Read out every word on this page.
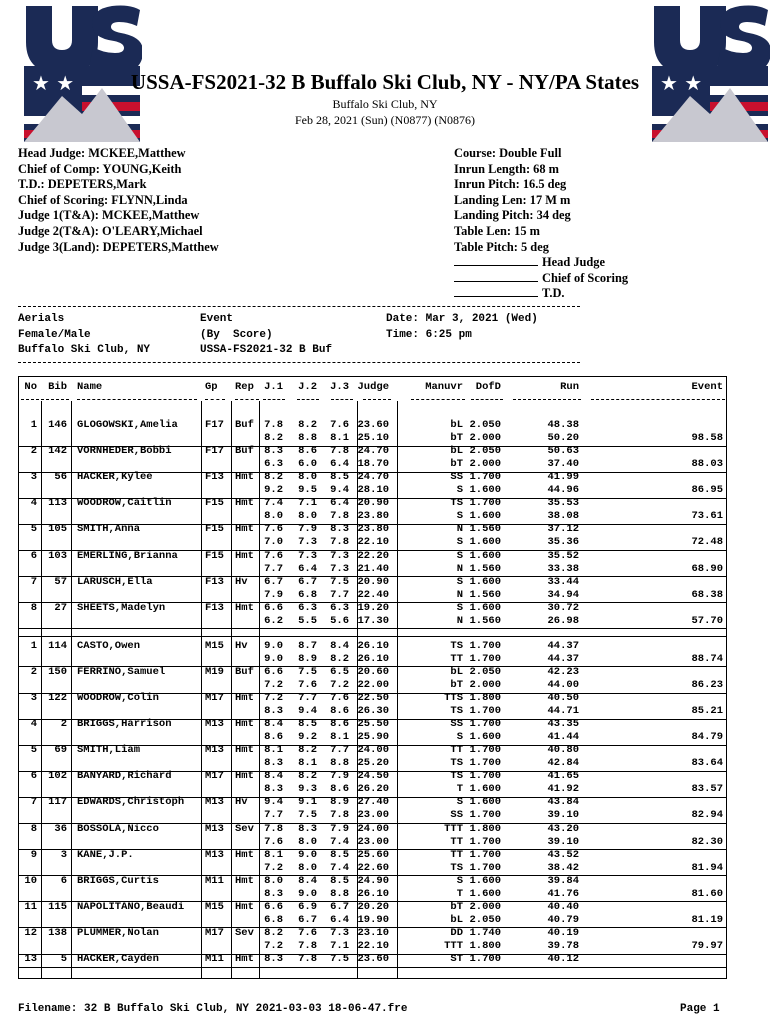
★ ★	★ ★
USSA-FS2021-32 B Buffalo Ski Club, NY - NY/PA States
Buffalo Ski Club, NY
Feb 28, 2021 (Sun) (N0877) (N0876)
Head Judge: MCKEE,Matthew
Chief of Comp: YOUNG,Keith
T.D.: DEPETERS,Mark
Chief of Scoring: FLYNN,Linda
Judge 1(T&A): MCKEE,Matthew
Judge 2(T&A): O'LEARY,Michael
Judge 3(Land): DEPETERS,Matthew
Course: Double Full
Inrun Length: 68 m
Inrun Pitch: 16.5 deg
Landing Len: 17 M m
Landing Pitch: 34 deg
Table Len: 15 m
Table Pitch: 5 deg
Head Judge
Chief of Scoring
T.D.
Aerials
Female/Male
Buffalo Ski Club, NY
Event
(By  Score)
USSA-FS2021-32 B Buf
Date: Mar 3, 2021 (Wed)
Time: 6:25 pm
No Bib Name	Gp Rep J.1 J.2 J.3 Judge	Manuvr DofD	Run	Event
1 146 GLOGOWSKI,Amelia	F17 Buf 7.8 8.2 7.6 23.60	bL 2.050	48.38
8.2 8.8 8.1 25.10	bT 2.000	50.20	98.58
2 142 VORNHEDER,Bobbi	F17 Buf 8.3 8.6 7.8 24.70	bL 2.050	50.63
6.3 6.0 6.4 18.70	bT 2.000	37.40	88.03
3 56 HACKER,Kylee	F13 Hmt 8.2 8.0 8.5 24.70	SS 1.700	41.99
9.2 9.5 9.4 28.10	S 1.600	44.96	86.95
4 113 WOODROW,Caitlin	F15 Hmt 7.4 7.1 6.4 20.90	TS 1.700	35.53
8.0 8.0 7.8 23.80	S 1.600	38.08	73.61
5 105 SMITH,Anna	F15 Hmt 7.6 7.9 8.3 23.80	N 1.560	37.12
7.0 7.3 7.8 22.10	S 1.600	35.36	72.48
6 103 EMERLING,Brianna	F15 Hmt 7.6 7.3 7.3 22.20	S 1.600	35.52
7.7 6.4 7.3 21.40	N 1.560	33.38	68.90
7 57 LARUSCH,Ella	F13 Hv 6.7 6.7 7.5 20.90	S 1.600	33.44
7.9 6.8 7.7 22.40	N 1.560	34.94	68.38
8 27 SHEETS,Madelyn	F13 Hmt 6.6 6.3 6.3 19.20	S 1.600	30.72
6.2 5.5 5.6 17.30	N 1.560	26.98	57.70
1 114 CASTO,Owen	M15 Hv 9.0 8.7 8.4 26.10	TS 1.700	44.37
9.0 8.9 8.2 26.10	TT 1.700	44.37	88.74
2 150 FERRINO,Samuel	M19 Buf 6.6 7.5 6.5 20.60	bL 2.050	42.23
7.2 7.6 7.2 22.00	bT 2.000	44.00	86.23
3 122 WOODROW,Colin	M17 Hmt 7.2 7.7 7.6 22.50	TTS 1.800	40.50
8.3 9.4 8.6 26.30	TS 1.700	44.71	85.21
4 2 BRIGGS,Harrison	M13 Hmt 8.4 8.5 8.6 25.50	SS 1.700	43.35
8.6 9.2 8.1 25.90	S 1.600	41.44	84.79
5 69 SMITH,Liam	M13 Hmt 8.1 8.2 7.7 24.00	TT 1.700	40.80
8.3 8.1 8.8 25.20	TS 1.700	42.84	83.64
6 102 BANYARD,Richard	M17 Hmt 8.4 8.2 7.9 24.50	TS 1.700	41.65
8.3 9.3 8.6 26.20	T 1.600	41.92	83.57
7 117 EDWARDS,Christoph M13 Hv 9.4 9.1 8.9 27.40	S 1.600	43.84
7.7 7.5 7.8 23.00	SS 1.700	39.10	82.94
8 36 BOSSOLA,Nicco	M13 Sev 7.8 8.3 7.9 24.00	TTT 1.800	43.20
7.6 8.0 7.4 23.00	TT 1.700	39.10	82.30
9 3 KANE,J.P.	M13 Hmt 8.1 9.0 8.5 25.60	TT 1.700	43.52
7.2 8.0 7.4 22.60	TS 1.700	38.42	81.94
10 6 BRIGGS,Curtis	M11 Hmt 8.0 8.4 8.5 24.90	S 1.600	39.84
8.3 9.0 8.8 26.10	T 1.600	41.76	81.60
11 115 NAPOLITANO,Beaudi M15 Hmt 6.6 6.9 6.7 20.20	bT 2.000	40.40
6.8 6.7 6.4 19.90	bL 2.050	40.79	81.19
12 138 PLUMMER,Nolan	M17 Sev 8.2 7.6 7.3 23.10	DD 1.740	40.19
7.2 7.8 7.1 22.10	TTT 1.800	39.78	79.97
13 5 HACKER,Cayden	M11 Hmt 8.3 7.8 7.5 23.60	ST 1.700	40.12
Filename: 32 B Buffalo Ski Club, NY 2021-03-03 18-06-47.fre	Page 1
